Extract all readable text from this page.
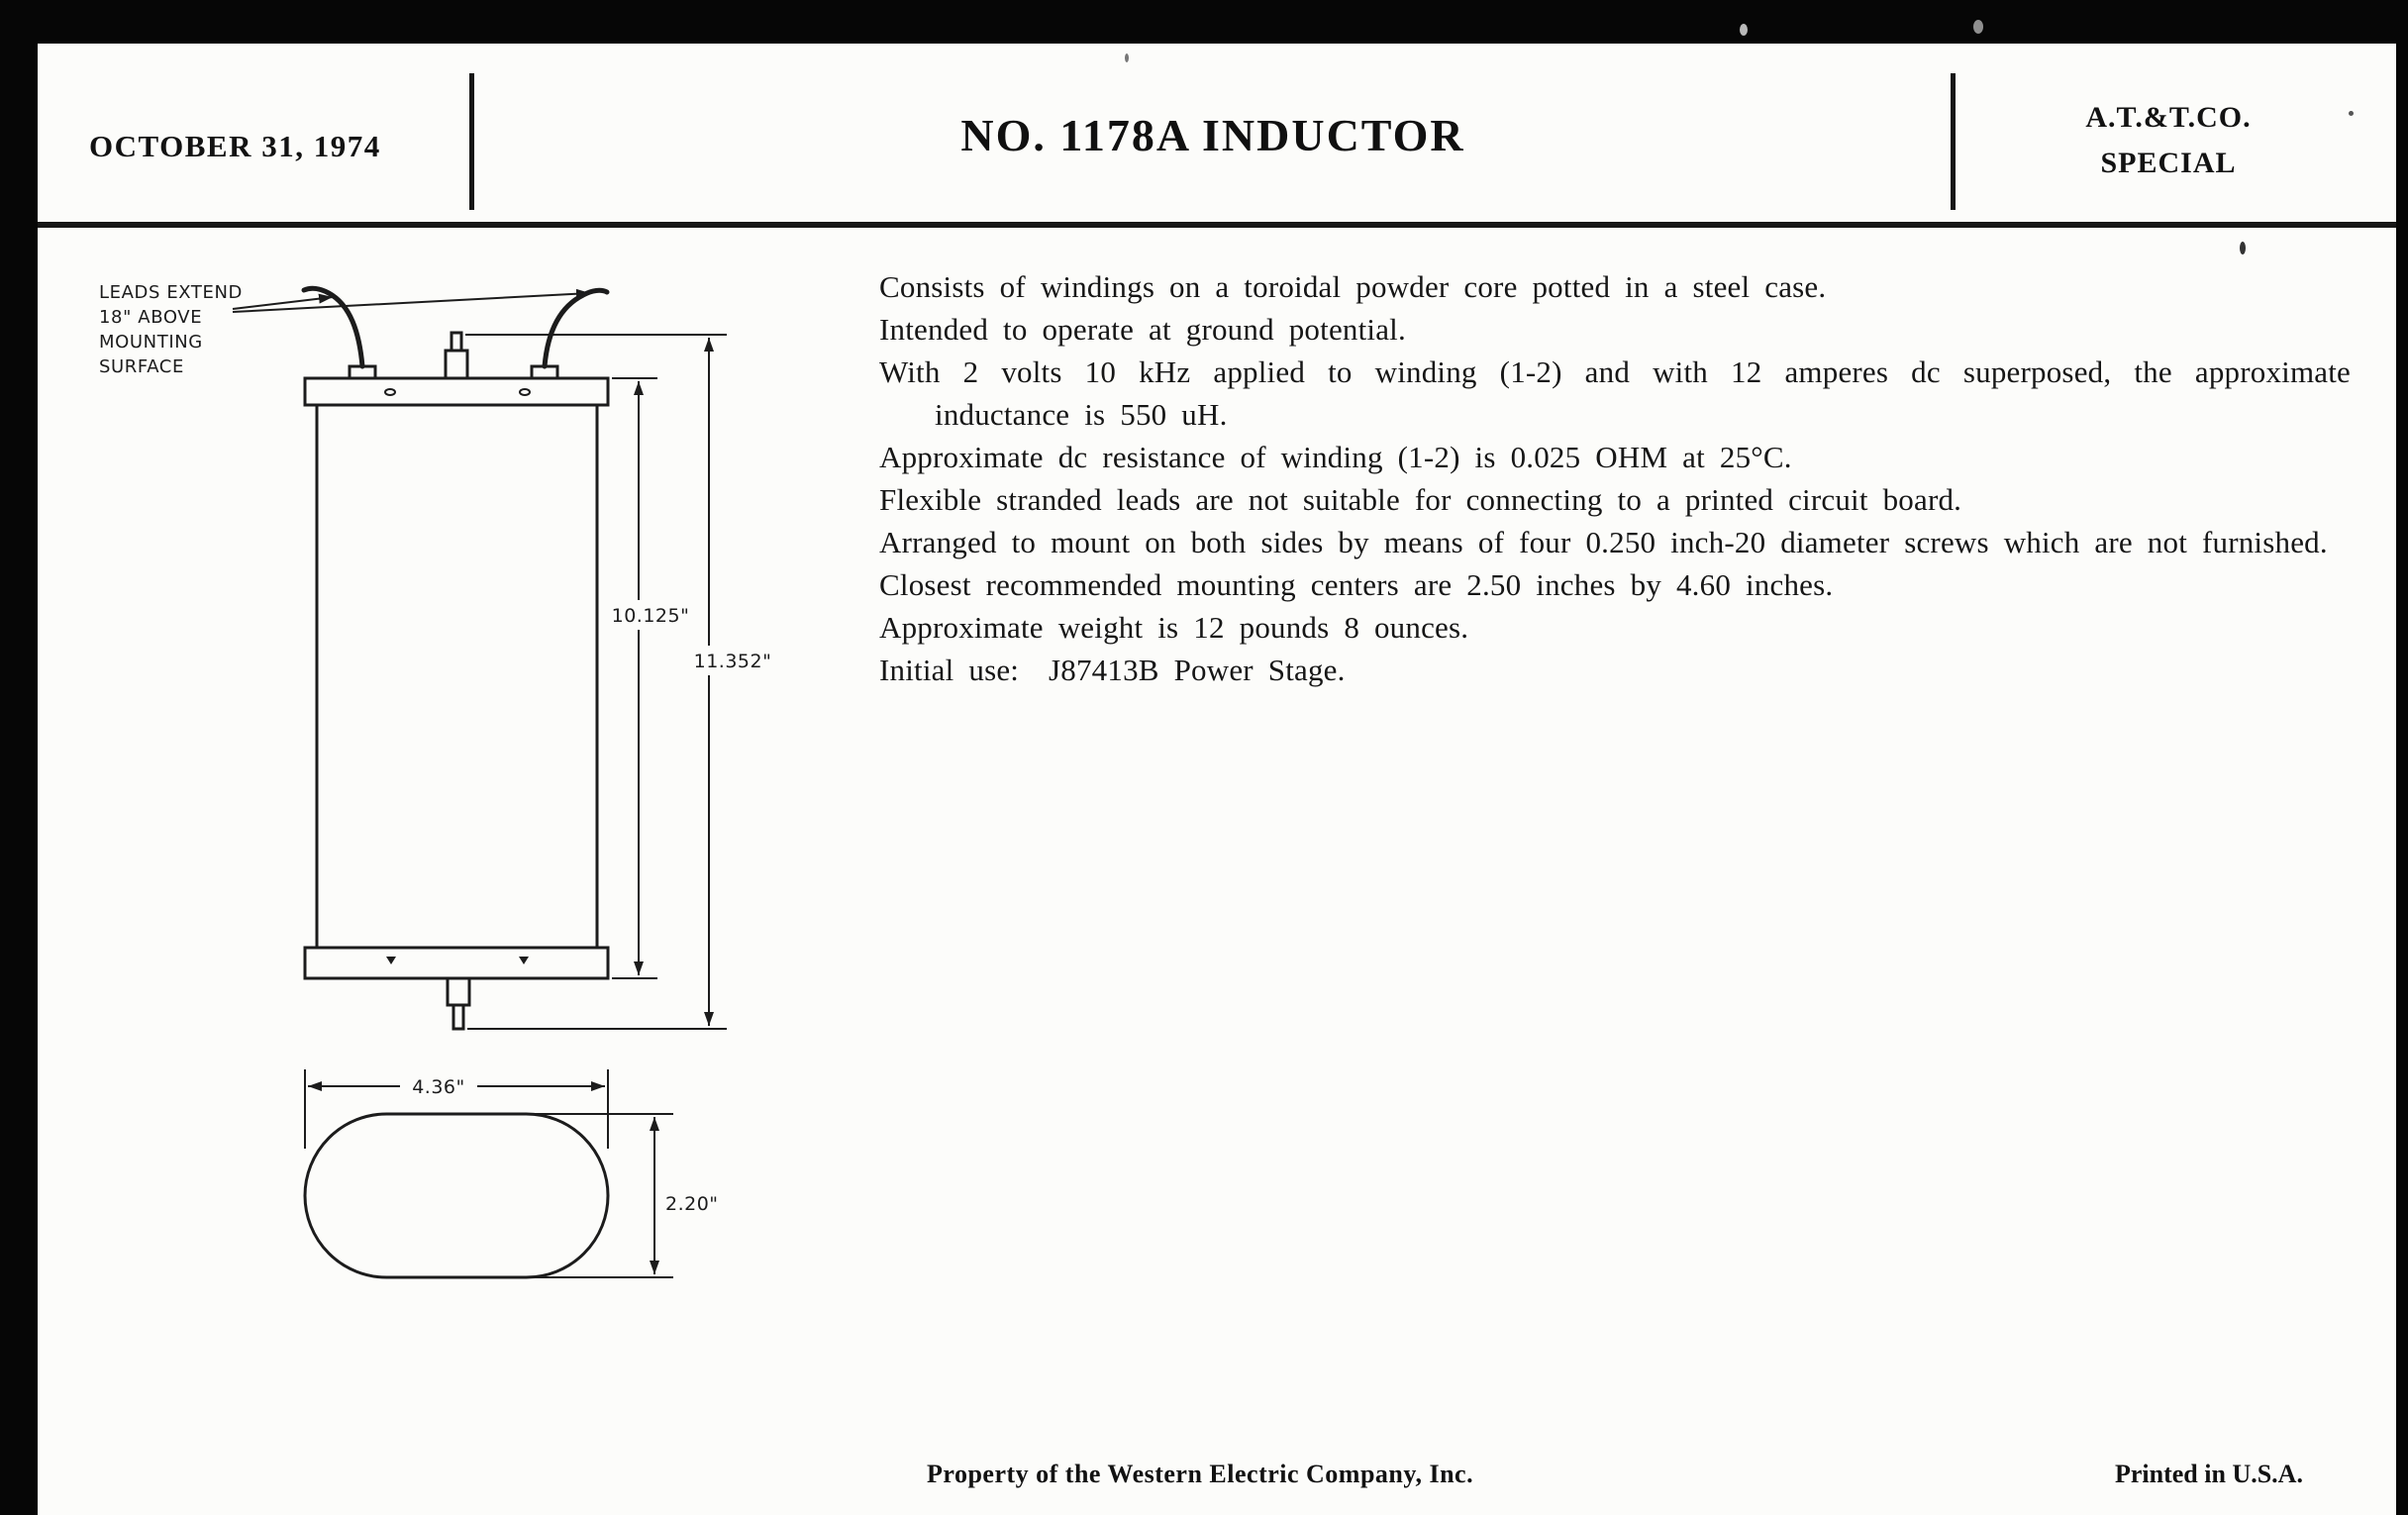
OCTOBER 31, 1974	NO. 1178A INDUCTOR	A.T.&T.CO.
SPECIAL
LEADS EXTEND
18" ABOVE
MOUNTING
SURFACE
10.125"
11.352"
4.36"
2.20"

Consists of windings on a toroidal powder core potted in a steel case.

Intended to operate at ground potential.

With 2 volts 10 kHz applied to winding (1-2) and with 12 amperes dc superposed, the approximate inductance is 550 uH.

Approximate dc resistance of winding (1-2) is 0.025 OHM at 25°C.

Flexible stranded leads are not suitable for connecting to a printed circuit board.

Arranged to mount on both sides by means of four 0.250 inch-20 diameter screws which are not furnished.

Closest recommended mounting centers are 2.50 inches by 4.60 inches.

Approximate weight is 12 pounds 8 ounces.

Initial use:  J87413B Power Stage.

Property of the Western Electric Company, Inc.	Printed in U.S.A.
